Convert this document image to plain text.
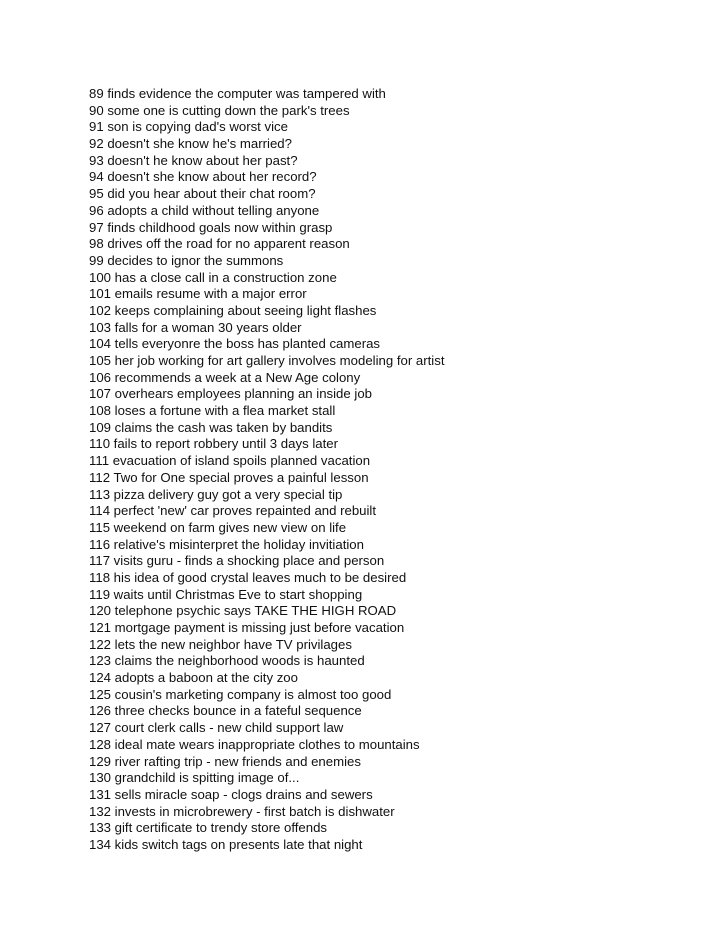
89 finds evidence the computer was tampered with
90 some one is cutting down the park's trees
91 son is copying dad's worst vice
92 doesn't she know he's married?
93 doesn't he know about her past?
94 doesn't she know about her record?
95 did you hear about their chat room?
96 adopts a child without telling anyone
97 finds childhood goals now within grasp
98 drives off the road for no apparent reason
99 decides to ignor the summons
100 has a close call in a construction zone
101 emails resume with a major error
102 keeps complaining about seeing light flashes
103 falls for a woman 30 years older
104 tells everyonre the boss has planted cameras
105 her job working for art gallery involves modeling for artist
106 recommends a week at a New Age colony
107 overhears employees planning an inside job
108 loses a fortune with a flea market stall
109 claims the cash was taken by bandits
110 fails to report robbery until 3 days later
111 evacuation of island spoils planned vacation
112 Two for One special proves a painful lesson
113 pizza delivery guy got a very special tip
114 perfect 'new' car proves repainted and rebuilt
115 weekend on farm gives new view on life
116 relative's misinterpret the holiday invitiation
117 visits guru - finds a shocking place and person
118 his idea of good crystal leaves much to be desired
119 waits until Christmas Eve to start shopping
120 telephone psychic says TAKE THE HIGH ROAD
121 mortgage payment is missing just before vacation
122 lets the new neighbor have TV privilages
123 claims the neighborhood woods is haunted
124 adopts a baboon at the city zoo
125 cousin's marketing company is almost too good
126 three checks bounce in a fateful sequence
127 court clerk calls - new child support law
128 ideal mate wears inappropriate clothes to mountains
129 river rafting trip - new friends and enemies
130 grandchild is spitting image of...
131 sells miracle soap - clogs drains and sewers
132 invests in microbrewery - first batch is dishwater
133 gift certificate to trendy store offends
134 kids switch tags on presents late that night
